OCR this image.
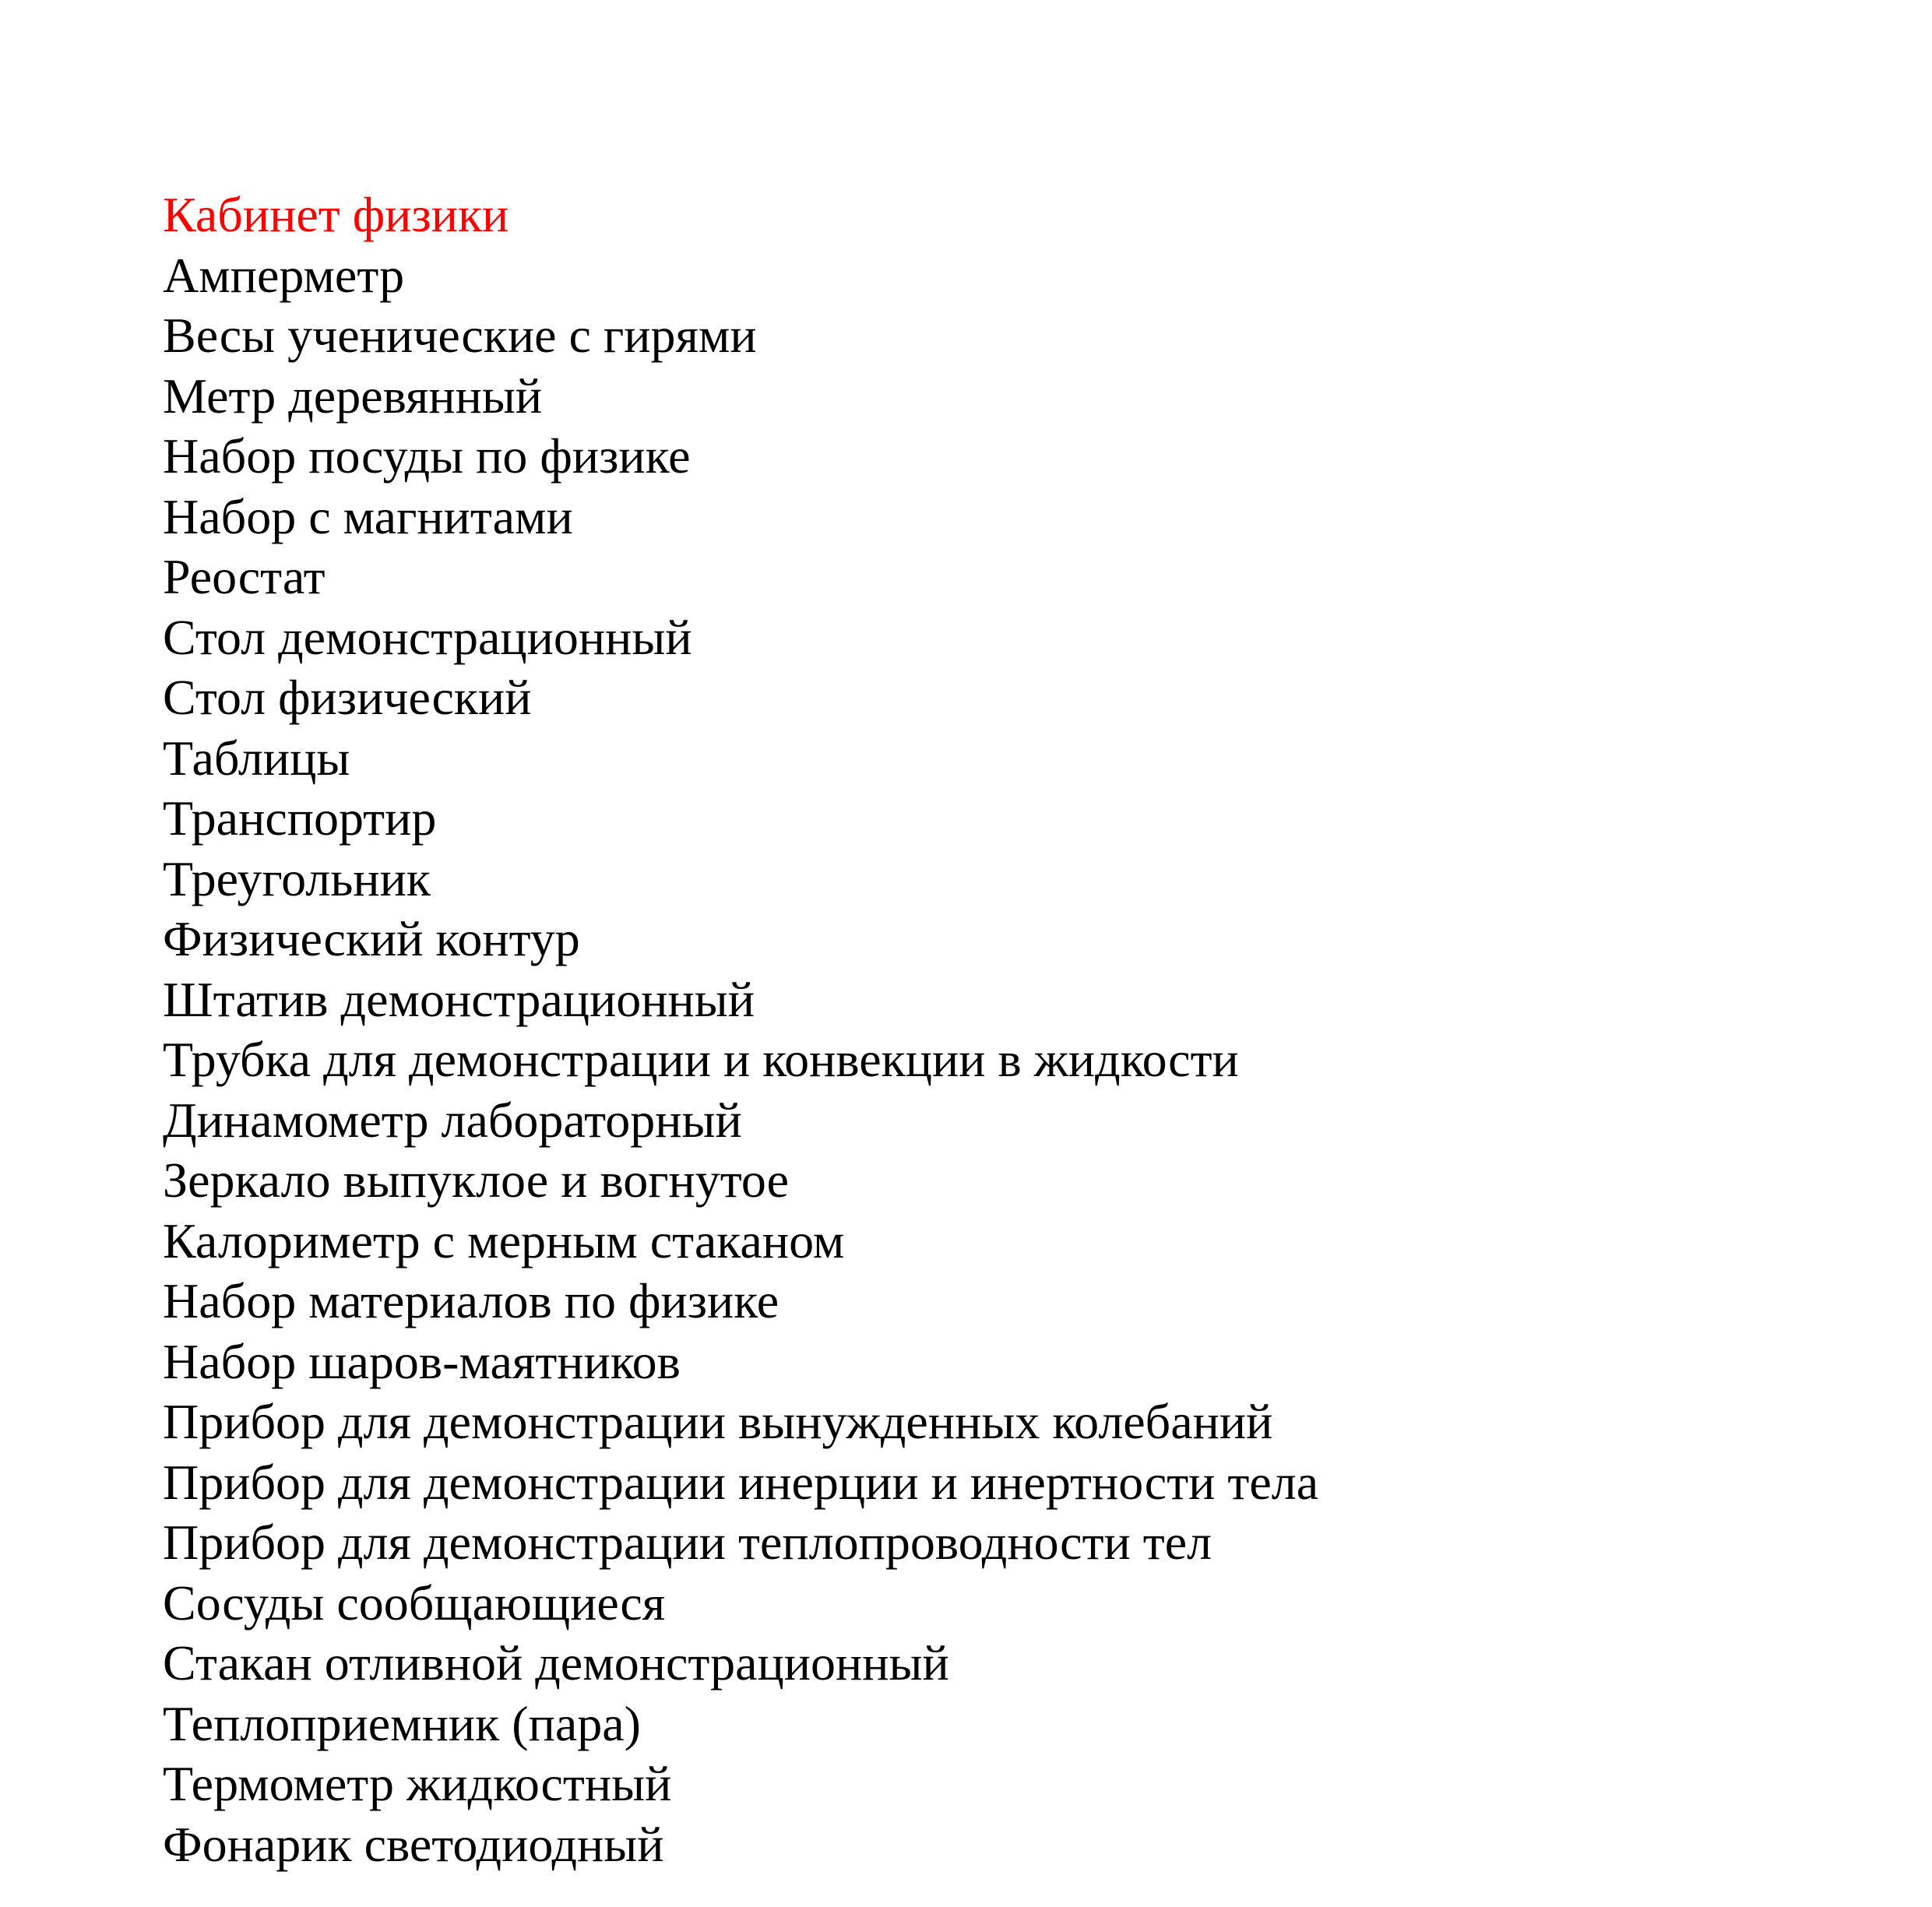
Кабинет физики
Амперметр
Весы ученические с гирями
Метр деревянный
Набор посуды по физике
Набор с магнитами
Реостат
Стол демонстрационный
Стол физический
Таблицы
Транспортир
Треугольник
Физический контур
Штатив демонстрационный
Трубка для демонстрации и конвекции в жидкости
Динамометр лабораторный
Зеркало выпуклое и вогнутое
Калориметр с мерным стаканом
Набор материалов по физике
Набор шаров-маятников
Прибор для демонстрации вынужденных колебаний
Прибор для демонстрации инерции и инертности тела
Прибор для демонстрации теплопроводности тел
Сосуды сообщающиеся
Стакан отливной демонстрационный
Теплоприемник (пара)
Термометр жидкостный
Фонарик светодиодный
